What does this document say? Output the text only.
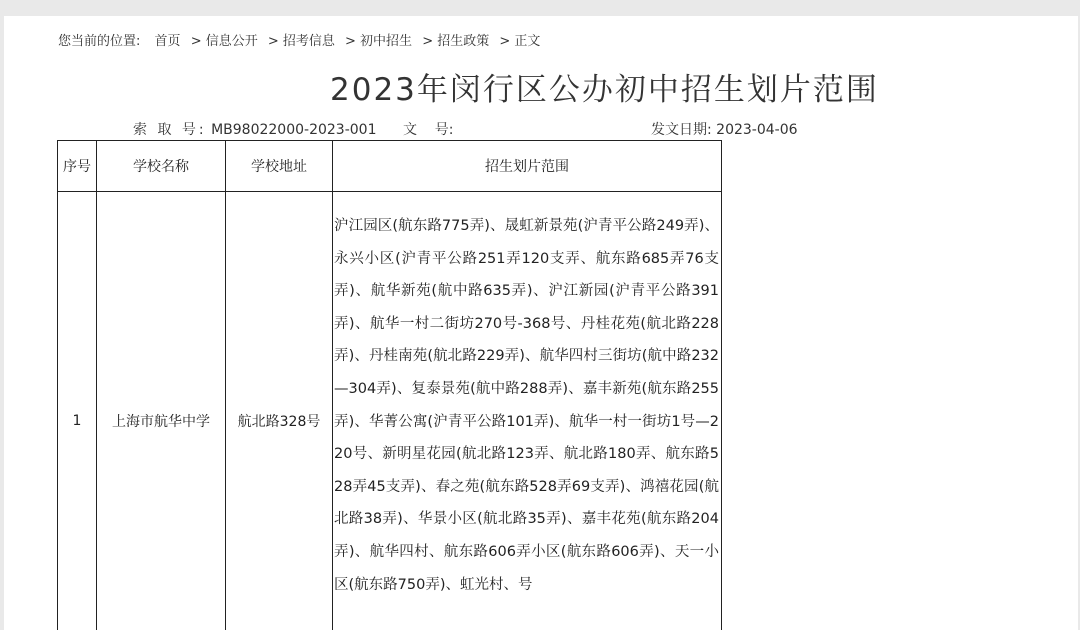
您当前的位置: 首页 > 信息公开 > 招考信息 > 初中招生 > 招生政策 > 正文
2023年闵行区公办初中招生划片范围
索 取 号: MB98022000-2023-001 文    号:	发文日期: 2023-04-06
序号	学校名称	学校地址	招生划片范围
1	上海市航华中学	航北路328号	沪江园区(航东路775弄)、晟虹新景苑(沪青平公路249弄)、永兴小区(沪青平公路251弄120支弄、航东路685弄76支弄)、航华新苑(航中路635弄)、沪江新园(沪青平公路391弄)、航华一村二街坊270号-368号、丹桂花苑(航北路228弄)、丹桂南苑(航北路229弄)、航华四村三街坊(航中路232—304弄)、复泰景苑(航中路288弄)、嘉丰新苑(航东路255弄)、华菁公寓(沪青平公路101弄)、航华一村一街坊1号—220号、新明星花园(航北路123弄、航北路180弄、航东路528弄45支弄)、春之苑(航东路528弄69支弄)、鸿禧花园(航北路38弄)、华景小区(航北路35弄)、嘉丰花苑(航东路204弄)、航华四村、航东路606弄小区(航东路606弄)、天一小区(航东路750弄)、虹光村、号
